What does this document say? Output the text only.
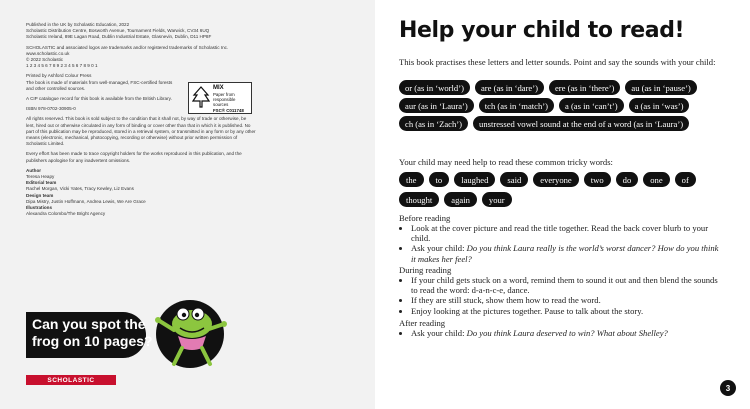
Published in the UK by Scholastic Education, 2022
Scholastic Distribution Centre, Bosworth Avenue, Tournament Fields, Warwick, CV34 6UQ
Scholastic Ireland, 89E Lagan Road, Dublin Industrial Estate, Glasnevin, Dublin, D11 HP8F

SCHOLASTIC and associated logos are trademarks and/or registered trademarks of Scholastic Inc.
www.scholastic.co.uk
© 2022 Scholastic
1 2 3 4 5 6 7 8 9 2 3 4 5 6 7 8 9 0 1

Printed by Ashford Colour Press
The book is made of materials from well-managed, FSC-certified forests and other controlled sources.

A CIP catalogue record for this book is available from the British Library.

ISBN 978-0702-30905-0

All rights reserved. This book is sold subject to the condition that it shall not, by way of trade or otherwise, be lent, hired out or otherwise circulated in any form of binding or cover other than that in which it is published. No part of this publication may be reproduced, stored in a retrieval system, or transmitted in any form or by any other means (electronic, mechanical, photocopying, recording or otherwise) without prior written permission of Scholastic Limited.

Every effort has been made to trace copyright holders for the works reproduced in this publication, and the publishers apologise for any inadvertent omissions.

Author

Teresa Heapy

Editorial team

Rachel Morgan, Vicki Yates, Tracy Kewley, Liz Evans

Design team

Dipa Mistry, Justin Hoffmann, Andrea Lewis, We Are Grace

Illustrations

Alexandra Colombo/The Bright Agency

MIX
Paper from responsible sources
FSC® C011748
Can you spot the
frog on 10 pages?
SCHOLASTIC
Help your child to read!
This book practises these letters and letter sounds. Point and say the sounds with your child:
or (as in ‘world’)	are (as in ‘dare’)	ere (as in ‘there’)	au (as in ‘pause’)
aur (as in ‘Laura’)	tch (as in ‘match’)	a (as in ‘can’t’)	a (as in ‘was’)
ch (as in ‘Zach’)	unstressed vowel sound at the end of a word (as in ‘Laura’)
Your child may need help to read these common tricky words:
the	to	laughed	said	everyone	two	do	one	of
thought	again	your

Before reading

• Look at the cover picture and read the title together. Read the back cover blurb to your child.
• Ask your child: Do you think Laura really is the world’s worst dancer? How do you think it makes her feel?

During reading

• If your child gets stuck on a word, remind them to sound it out and then blend the sounds to read the word: d-a-n-c-e, dance.
• If they are still stuck, show them how to read the word.
• Enjoy looking at the pictures together. Pause to talk about the story.

After reading

• Ask your child: Do you think Laura deserved to win? What about Shelley?
3
